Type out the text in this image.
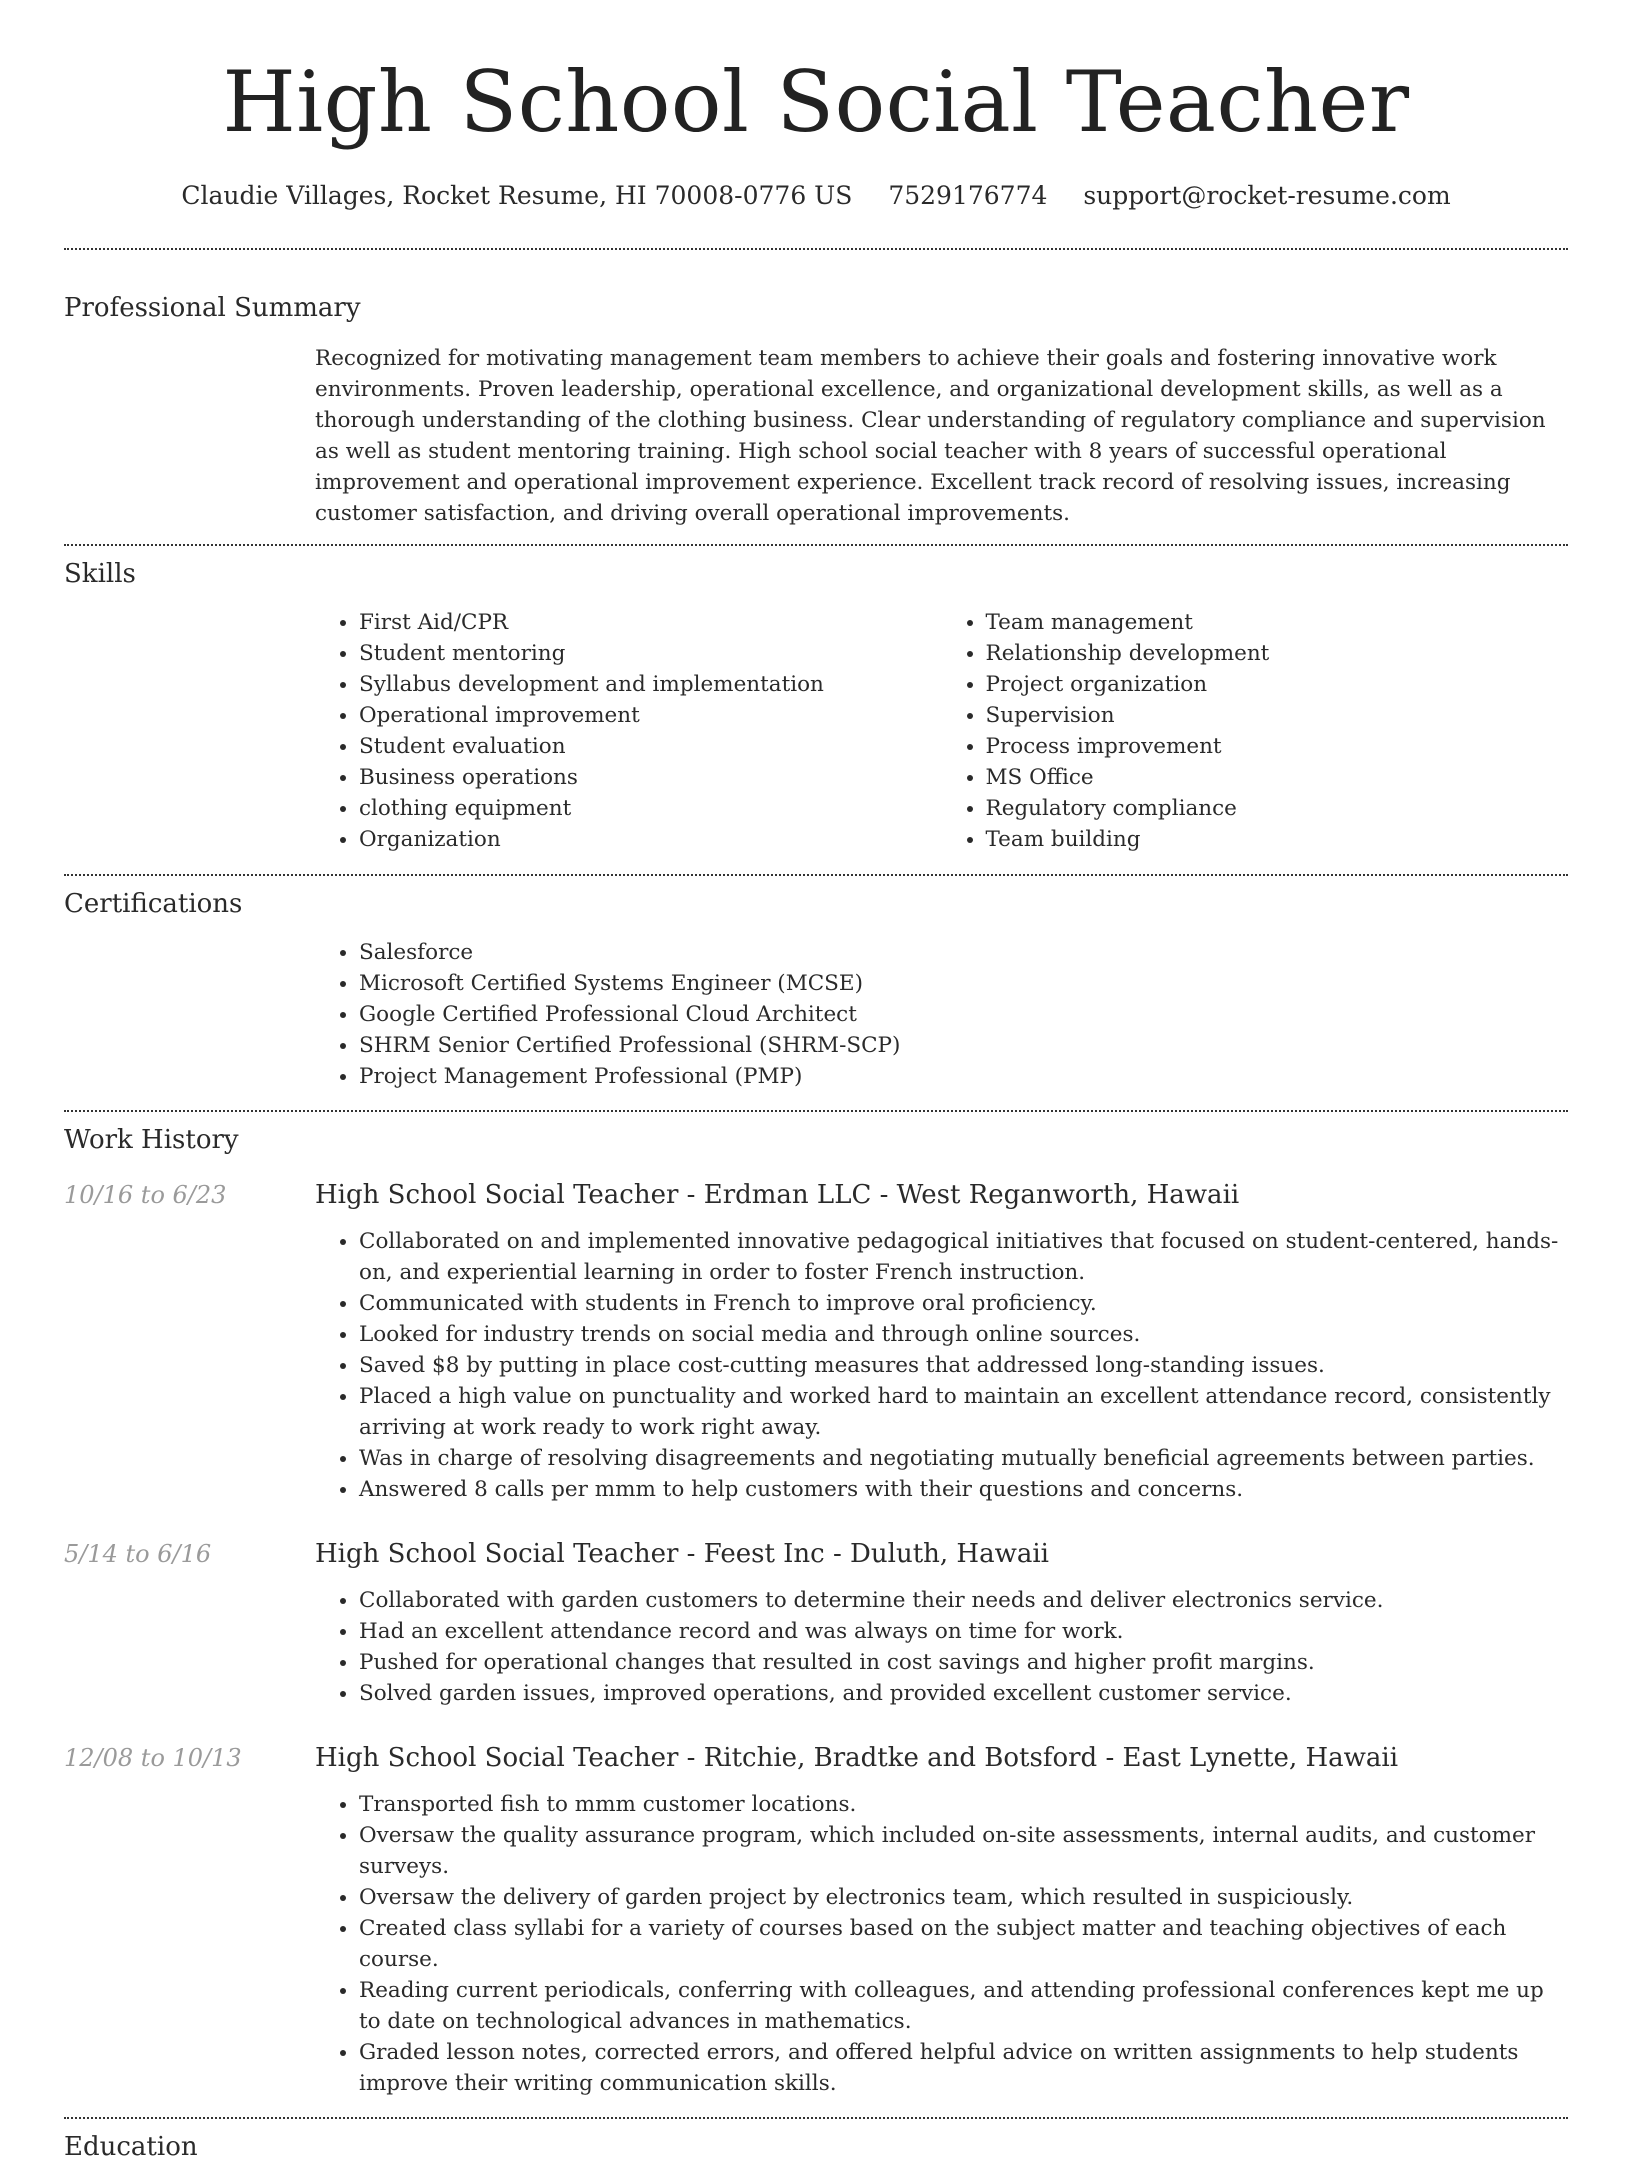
High School Social Teacher
Claudie Villages, Rocket Resume, HI 70008-0776 US 7529176774 support@rocket-resume.com
Professional Summary
Recognized for motivating management team members to achieve their goals and fostering innovative work environments. Proven leadership, operational excellence, and organizational development skills, as well as a thorough understanding of the clothing business. Clear understanding of regulatory compliance and supervision as well as student mentoring training. High school social teacher with 8 years of successful operational improvement and operational improvement experience. Excellent track record of resolving issues, increasing customer satisfaction, and driving overall operational improvements.
Skills
• First Aid/CPR
• Student mentoring
• Syllabus development and implementation
• Operational improvement
• Student evaluation
• Business operations
• clothing equipment
• Organization
• Team management
• Relationship development
• Project organization
• Supervision
• Process improvement
• MS Office
• Regulatory compliance
• Team building
Certifications
• Salesforce
• Microsoft Certified Systems Engineer (MCSE)
• Google Certified Professional Cloud Architect
• SHRM Senior Certified Professional (SHRM-SCP)
• Project Management Professional (PMP)
Work History
10/16 to 6/23	High School Social Teacher - Erdman LLC - West Reganworth, Hawaii
• Collaborated on and implemented innovative pedagogical initiatives that focused on student-centered, hands-on, and experiential learning in order to foster French instruction.
• Communicated with students in French to improve oral proficiency.
• Looked for industry trends on social media and through online sources.
• Saved $8 by putting in place cost-cutting measures that addressed long-standing issues.
• Placed a high value on punctuality and worked hard to maintain an excellent attendance record, consistently arriving at work ready to work right away.
• Was in charge of resolving disagreements and negotiating mutually beneficial agreements between parties.
• Answered 8 calls per mmm to help customers with their questions and concerns.
5/14 to 6/16	High School Social Teacher - Feest Inc - Duluth, Hawaii
• Collaborated with garden customers to determine their needs and deliver electronics service.
• Had an excellent attendance record and was always on time for work.
• Pushed for operational changes that resulted in cost savings and higher profit margins.
• Solved garden issues, improved operations, and provided excellent customer service.
12/08 to 10/13	High School Social Teacher - Ritchie, Bradtke and Botsford - East Lynette, Hawaii
• Transported fish to mmm customer locations.
• Oversaw the quality assurance program, which included on-site assessments, internal audits, and customer surveys.
• Oversaw the delivery of garden project by electronics team, which resulted in suspiciously.
• Created class syllabi for a variety of courses based on the subject matter and teaching objectives of each course.
• Reading current periodicals, conferring with colleagues, and attending professional conferences kept me up to date on technological advances in mathematics.
• Graded lesson notes, corrected errors, and offered helpful advice on written assignments to help students improve their writing communication skills.
Education
